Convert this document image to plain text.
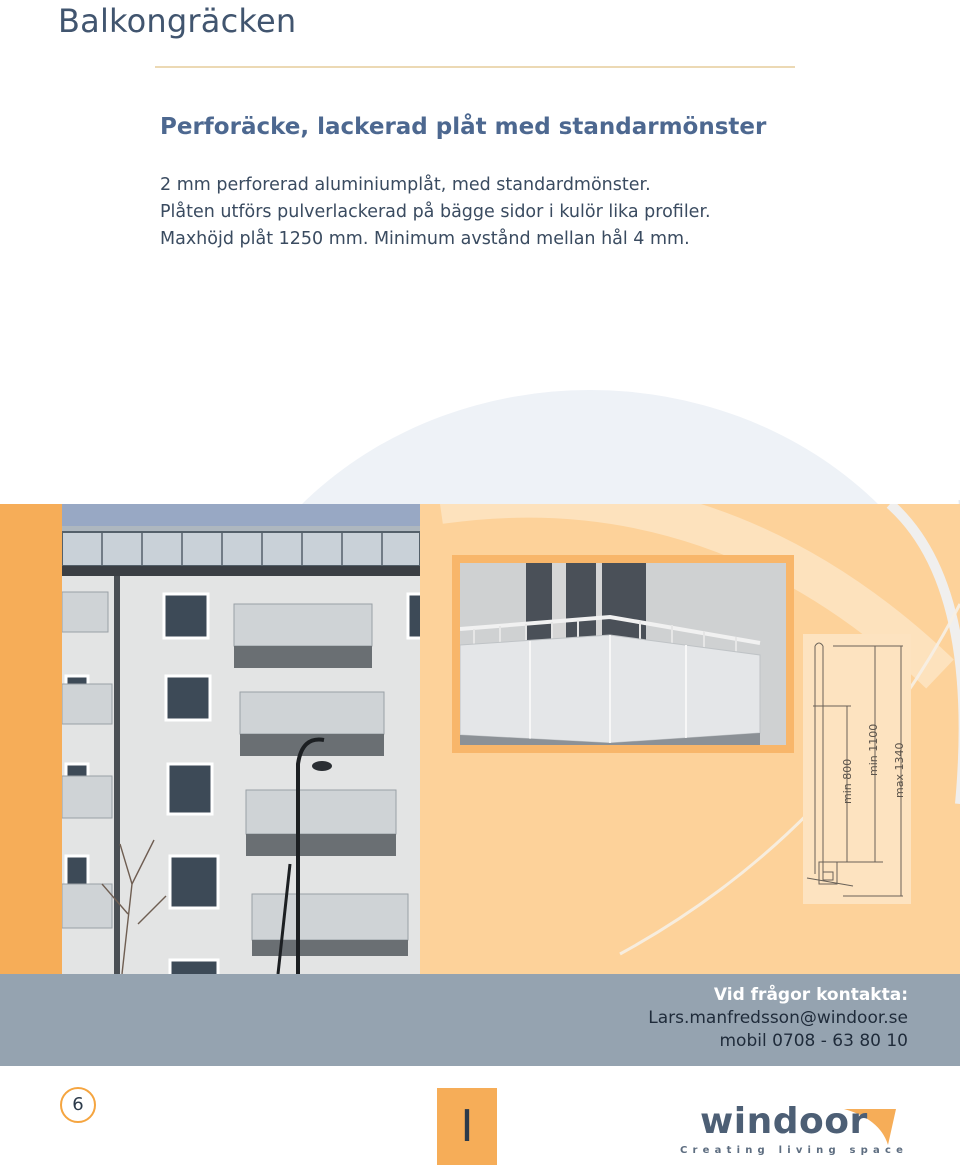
Balkongräcken
Perforäcke, lackerad plåt med standarmönster
2 mm perforerad aluminiumplåt, med standardmönster.
Plåten utförs pulverlackerad på bägge sidor i kulör lika profiler.
Maxhöjd plåt 1250 mm. Minimum avstånd mellan hål 4 mm.
min 800
min 1100 max 1340
Vid frågor kontakta:
Lars.manfredsson@windoor.se
mobil 0708 - 63 80 10
6	I	windoor
Creating living space
